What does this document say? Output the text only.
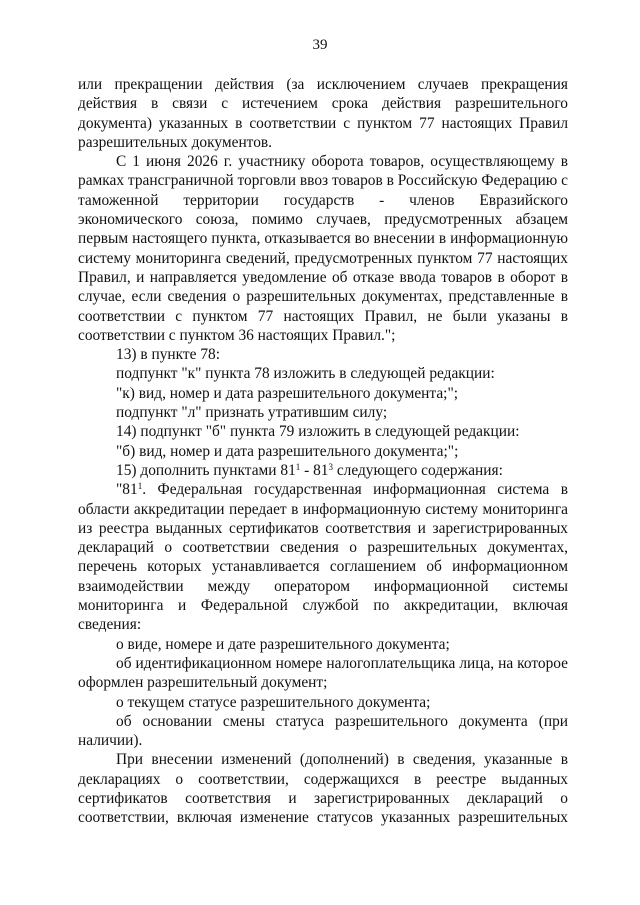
39

или прекращении действия (за исключением случаев прекращения действия в связи с истечением срока действия разрешительного документа) указанных в соответствии с пунктом 77 настоящих Правил разрешительных документов.

С 1 июня 2026 г. участнику оборота товаров, осуществляющему в рамках трансграничной торговли ввоз товаров в Российскую Федерацию с таможенной территории государств - членов Евразийского экономического союза, помимо случаев, предусмотренных абзацем первым настоящего пункта, отказывается во внесении в информационную систему мониторинга сведений, предусмотренных пунктом 77 настоящих Правил, и направляется уведомление об отказе ввода товаров в оборот в случае, если сведения о разрешительных документах, представленные в соответствии с пунктом 77 настоящих Правил, не были указаны в соответствии с пунктом 36 настоящих Правил.";

13) в пункте 78:

подпункт "к" пункта 78 изложить в следующей редакции:

"к) вид, номер и дата разрешительного документа;";

подпункт "л" признать утратившим силу;

14) подпункт "б" пункта 79 изложить в следующей редакции:

"б) вид, номер и дата разрешительного документа;";

15) дополнить пунктами $81^1 - 81^3$ следующего содержания:

"$81^1$. Федеральная государственная информационная система в области аккредитации передает в информационную систему мониторинга из реестра выданных сертификатов соответствия и зарегистрированных деклараций о соответствии сведения о разрешительных документах, перечень которых устанавливается соглашением об информационном взаимодействии между оператором информационной системы мониторинга и Федеральной службой по аккредитации, включая сведения:

о виде, номере и дате разрешительного документа;

об идентификационном номере налогоплательщика лица, на которое оформлен разрешительный документ;

о текущем статусе разрешительного документа;

об основании смены статуса разрешительного документа (при наличии).

При внесении изменений (дополнений) в сведения, указанные в декларациях о соответствии, содержащихся в реестре выданных сертификатов соответствия и зарегистрированных деклараций о соответствии, включая изменение статусов указанных разрешительных
